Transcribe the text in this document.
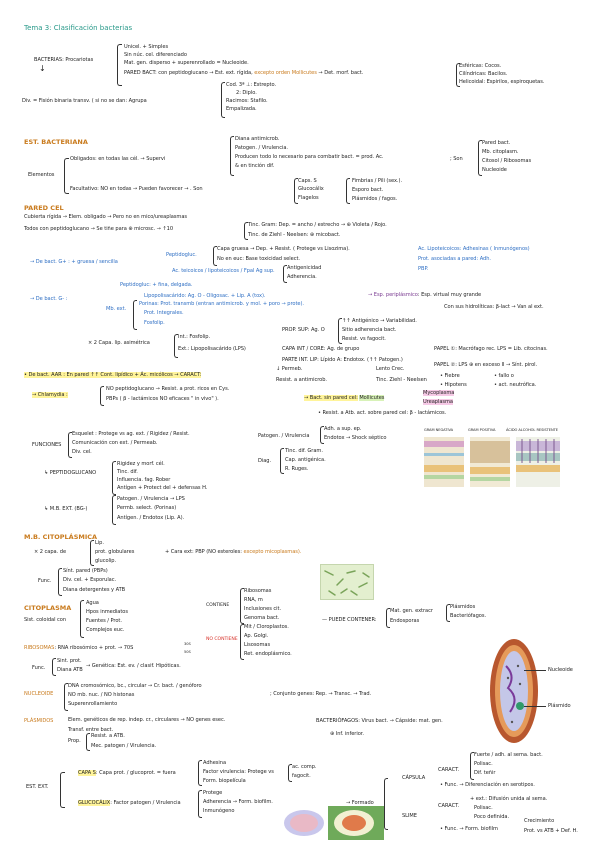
Tema 3: Clasificación bacterias
BACTERIAS: Procariotas
↓
Unicel. + Simples
Sin núc. cel. diferenciado
Mat. gen. disperso + superenrollado = Nucleoide.
PARED BACT: con peptidoglucano → Est. ext. rígida, excepto orden Mollicutes → Det. morf. bact.
Esféricas: Cocos.
Cilíndricas: Bacilos.
Helicoidal: Espirilos, espiroquetas.
Div. = Fisión binaria transv. ( si no se dan: Agrupa
Cod. 3ª ⊥: Estrepto.
2: Diplo.
Racimos: Stafilo.
Empalizada.
EST. BACTERIANA
Elementos
Obligados: en todas las cél. → Supervi
Diana antimicrob.
Patogen. / Virulencia.
Producen todo lo necesario para combatir bact. = prod. Ac.
& en tinción dif.
; Son
Pared bact.
Mb. citoplasm.
Citosol / Ribosomas
Nucleoide
Facultativo: NO en todas → Pueden favorecer → . Son
Caps. S
Glucocálix
Flagelos
Fimbrias / Pili (sex.).
Esporo bact.
Plásmidos / fagos.
PARED CEL
Cubierta rígida → Elem. obligado → Pero no en mico/ureaplasmas
Todos con peptidoglucano → Se tiñe para ⊕ microsc. → ↑10
Tinc. Gram: Dep. = ancho / estrecho → ⊕ Violeta / Rojo.
Tinc. de Ziehl - Neelsen: ⊕ micobact.
→ De bact. G+ : + gruesa / sencilla
Peptidogluc.
Capa gruesa → Dep. + Resist. ( Protege vs Lisozima).
No en euc: Base toxicidad select.
Ac. teicoicos / lipoteicoicos / Fpal Ag sup. Antigenicidad
Adherencia.
Ac. Lipoteicoicos: Adhesinas ( Inmunógenos)
Prot. asociadas a pared: Adh.
PBP.
→ De bact. G- :
Peptidogluc: + fina, delgada.
Lipopolisacárido: Ag. O - Oligosac. + Lip. A (tox).
Mb. ext.
Porinas: Prot. transmb (entran antimicrob. y mol. + poro → prote).
Prot. Integrales.
Fosfolip.
→ Esp. periplásmico: Esp. virtual muy grande
Con sus hidrolíticas: β-lact → Van al ext.
× 2 Capa. lip. asimétrica
Int.: Fosfolip.
Ext.: Lipopolisacárido (LPS)
PROP. SUP: Ag. O
↑↑ Antigénico → Variabilidad.
Sitio adherencia bact.
Resist. vs fagocit.
CAPA INT / CORE: Ag. de grupo
PARTE INT. LIP: Lípido A: Endotox. (↑↑ Patogen.)
PAPEL ①: Macrófago rec. LPS = Lib. citocinas.
PAPEL ②: LPS ⊕ en exceso II → Sínt. pirol.
• Fiebre
• Hipotens
• fallo o
• act. neutrófica.
• De bact. AAR : En pared ↑↑ Cont. lipídico + Ác. micólicos → CARACT:
↓ Permeb.	Lento Crec.
Resist. a antimicrob.	Tinc. Ziehl - Neelsen
→ Chlamydia :
NO peptidoglucano → Resist. a prot. ricos en Cys.
PBPs ( β - lactámicos NO eficaces " in vivo" ).	→ Bact. sin pared cel: Mollicutes
Mycoplasma
Ureaplasma
• Resist. a Atb. act. sobre pared cel: β - lactámicos.
GRAM NEGATIVA	GRAM POSITIVA	ÁCIDO ALCOHOL RESISTENTE
FUNCIONES
Esquelet : Protege vs ag. ext. / Rigidez / Resist.
Comunicación con ext. / Permeab.
Div. cel.
Patogen. / Virulencia
Adh. a sup. ep.
Endotox → Shock séptico
Diag.
Tinc. dif. Gram.
Cap. antigénica.
R. Ruges.
↳ PEPTIDOGLUCANO
Rigidez y morf. cél.
Tinc. dif.
Influencia. fag. Rober
Antígen + Protect del + defensas H.
↳ M.B. EXT. (BG-)
Patogen. / Virulencia → LPS
Permb. select. (Porinas)
Antígen. / Endotox (Lip. A).
M.B. CITOPLÁSMICA
× 2 capa. de
Lip.
prot. globulares
glucolip.
+ Cara ext: PBP (NO esteroles: excepto micoplasmas).
Func.
Sínt. pared (PBPs)
Div. cel. + Esporulac.
Diana detergentes y ATB
CITOPLASMA
Sist. coloidal con
Agua
Hpos inmediatos
Fuentes / Prot.
Complejos euc.
CONTIENE
Ribosomas
RNA, m
Inclusiones cit.
Genoma bact.
NO CONTIENE
Mit / Cloroplastos.
Ap. Golgi.
Lisosomas
Ret. endoplásmico.
— PUEDE CONTENER:
Mat. gen. extracr
Endosporas
Plásmidos
Bacteriófagos.
RIBOSOMAS: RNA ribosómico + prot. → 70S
30S
50S
Func.
Sint. prot.
Diana ATB
→ Genética: Est. ev. / clasif. Hipóticas.
NUCLEOIDE
DNA cromosómico, bc., circular → Cr. bact. / genóforo
NO mb. nuc. / NO histonas
Superenrollamiento
; Conjunto genes: Rep. → Transc. → Trad.
Nucleoide
Plásmido
PLÁSMIDOS	Elem. genéticos de rep. indep. cr., circulares → NO genes esec.
Transf. entre bact.
Prop.
Resist. a ATB.
Mec. patogen / Virulencia.
BACTERIÓFAGOS: Virus bact. → Cápside: mat. gen.
⊕ Inf. inferior.
EST. EXT.
CAPA S: Capa prot. / glucoprot. = fuera
Adhesina
Factor virulencia: Protege vs
Form. biopelícula
ac. comp.
fagocit.
GLUCOCÁLIX: Factor patogen / Virulencia
Protege
Adherencia → Form. biofilm.
Inmunógeno
→ Formado
CÁPSULA
CARACT.
Fuerte / adh. al sema. bact.
Polisac.
Dif. teñir
• Func. → Diferenciación en serotipos.
SLIME
CARACT.
+ ext.: Difusión unida al sema.
Polisac.
Poco definida.
• Func. → Form. biofilm
Crecimiento
Prot. vs ATB + Def. H.
